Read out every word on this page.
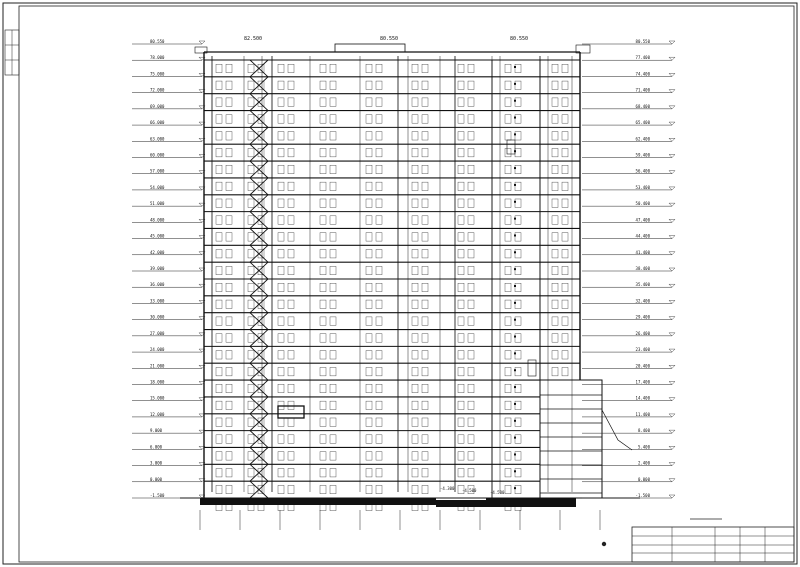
82.500	80.550	80.550
-4.300 -4.500	-4.500
80.550
78.000
75.000
72.000
69.000
66.000
63.000
60.000
57.000
54.000
51.000
48.000
45.000
42.000
39.000
36.000
33.000
30.000
27.000
24.000
21.000
18.000
15.000
12.000
9.000
6.000
3.000
0.000
-1.500
80.550
77.400
74.400
71.400
68.400
65.400
62.400
59.400
56.400
53.400
50.400
47.400
44.400
41.400
38.400
35.400
32.400
29.400
26.400
23.400
20.400
17.400
14.400
11.400
8.400
5.400
2.400
0.000
-1.500
